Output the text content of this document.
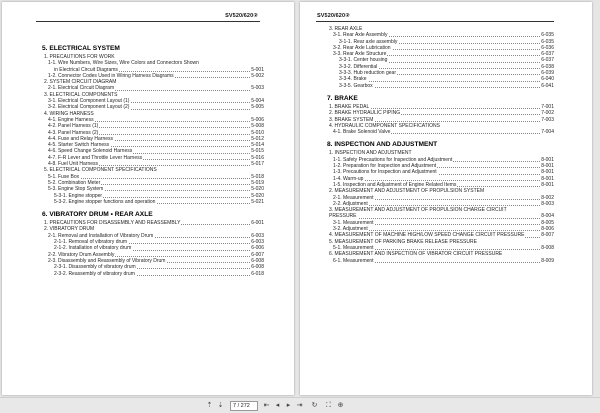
SV520/620②
5. ELECTRICAL SYSTEM
1. PRECAUTIONS FOR WORK
1-1. Wire Numbers, Wire Sizes, Wire Colors and Connectors Shown
in Electrical Circuit Diagrams	5-001
1-2. Connector Codes Used in Wiring Harness Diagrams	5-002
2. SYSTEM CIRCUIT DIAGRAM
2-1. Electrical Circuit Diagram	5-003
3. ELECTRICAL COMPONENTS
3-1. Electrical Component Layout (1)	5-004
3-2. Electrical Component Layout (2)	5-005
4. WIRING HARNESS
4-1. Engine Harness	5-006
4-2. Panel Harness (1)	5-008
4-3. Panel Harness (2)	5-010
4-4. Fuse and Relay Harness	5-012
4-5. Starter Switch Harness	5-014
4-6. Speed Change Solenoid Harness	5-015
4-7. F-R Lever and Throttle Lever Harness	5-016
4-8. Fuel Unit Harness	5-017
5. ELECTRICAL COMPONENT SPECIFICATIONS
5-1. Fuse Box	5-018
5-2. Combination Meter	5-019
5-3. Engine Stop System	5-020
5-3-1. Engine stopper	5-020
5-3-2. Engine stopper functions and operation	5-021
6. VIBRATORY DRUM • REAR AXLE
1. PRECAUTIONS FOR DISASSEMBLY AND REASSEMBLY	6-001
2. VIBRATORY DRUM
2-1. Removal and Installation of Vibratory Drum	6-003
2-1-1. Removal of vibratory drum	6-003
2-1-2. Installation of vibratory drum	6-006
2-2. Vibratory Drum Assembly	6-007
2-3. Disassembly and Reassembly of Vibratory Drum	6-008
2-3-1. Disassembly of vibratory drum	6-008
2-3-2. Reassembly of vibratory drum	6-018
SV520/620②
3. REAR AXLE
3-1. Rear Axle Assembly	6-035
3-1-1. Rear axle assembly	6-035
3-2. Rear Axle Lubrication	6-036
3-3. Rear Axle Structure	6-037
3-3-1. Center housing	6-037
3-3-2. Differential	6-038
3-3-3. Hub reduction gear	6-039
3-3-4. Brake	6-040
3-3-5. Gearbox	6-041
7. BRAKE
1. BRAKE PEDAL	7-001
2. BRAKE HYDRAULIC PIPING	7-002
3. BRAKE SYSTEM	7-003
4. HYDRAULIC COMPONENT SPECIFICATIONS
4-1. Brake Solenoid Valve	7-004
8. INSPECTION AND ADJUSTMENT
1. INSPECTION AND ADJUSTMENT
1-1. Safety Precautions for Inspection and Adjustment	8-001
1-2. Preparation for Inspection and Adjustment	8-001
1-3. Precautions for Inspection and Adjustment	8-001
1-4. Warm-up	8-001
1-5. Inspection and Adjustment of Engine Related Items	8-001
2. MEASUREMENT AND ADJUSTMENT OF PROPULSION SYSTEM
2-1. Measurement	8-002
2-2. Adjustment	8-003
3. MEASUREMENT AND ADJUSTMENT OF PROPULSION CHARGE CIRCUIT
PRESSURE	8-004
3-1. Measurement	8-005
3-2. Adjustment	8-006
4. MEASUREMENT OF MACHINE HIGH/LOW SPEED CHANGE CIRCUIT PRESSURE	8-007
5. MEASUREMENT OF PARKING BRAKE RELEASE PRESSURE
5-1. Measurement	8-008
6. MEASUREMENT AND INSPECTION OF VIBRATOR CIRCUIT PRESSURE
6-1. Measurement	8-009
⇡ ⇣	7 / 272	⇤ ◂	▸ ⇥ ↻ ⛶ ⊕
